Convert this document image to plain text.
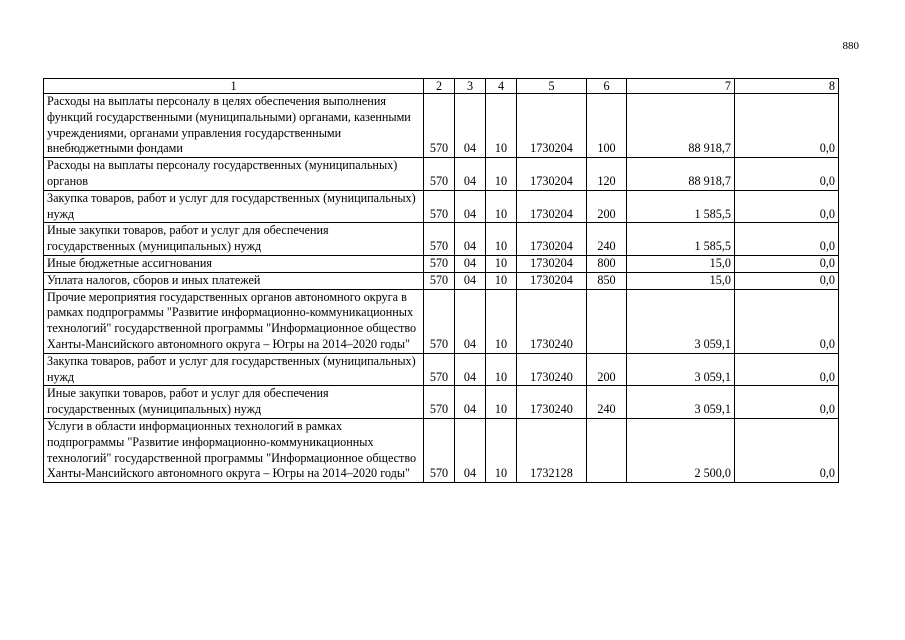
880
1	2	3	4	5	6	7	8
Расходы на выплаты персоналу в целях обеспечения выполнения функций государственными (муниципальными) органами, казенными учреждениями, органами управления государственными внебюджетными фондами	570	04	10	1730204	100	88 918,7	0,0
Расходы на выплаты персоналу государственных (муниципальных) органов	570	04	10	1730204	120	88 918,7	0,0
Закупка товаров, работ и услуг для государственных (муниципальных) нужд	570	04	10	1730204	200	1 585,5	0,0
Иные закупки товаров, работ и услуг для обеспечения государственных (муниципальных) нужд	570	04	10	1730204	240	1 585,5	0,0
Иные бюджетные ассигнования	570	04	10	1730204	800	15,0	0,0
Уплата налогов, сборов и иных платежей	570	04	10	1730204	850	15,0	0,0
Прочие мероприятия государственных органов автономного округа в рамках подпрограммы "Развитие информационно-коммуникационных технологий" государственной программы "Информационное общество Ханты-Мансийского автономного округа – Югры на 2014–2020 годы"	570	04	10	1730240		3 059,1	0,0
Закупка товаров, работ и услуг для государственных (муниципальных) нужд	570	04	10	1730240	200	3 059,1	0,0
Иные закупки товаров, работ и услуг для обеспечения государственных (муниципальных) нужд	570	04	10	1730240	240	3 059,1	0,0
Услуги в области информационных технологий в рамках подпрограммы "Развитие информационно-коммуникационных технологий" государственной программы "Информационное общество Ханты-Мансийского автономного округа – Югры на 2014–2020 годы"	570	04	10	1732128		2 500,0	0,0
